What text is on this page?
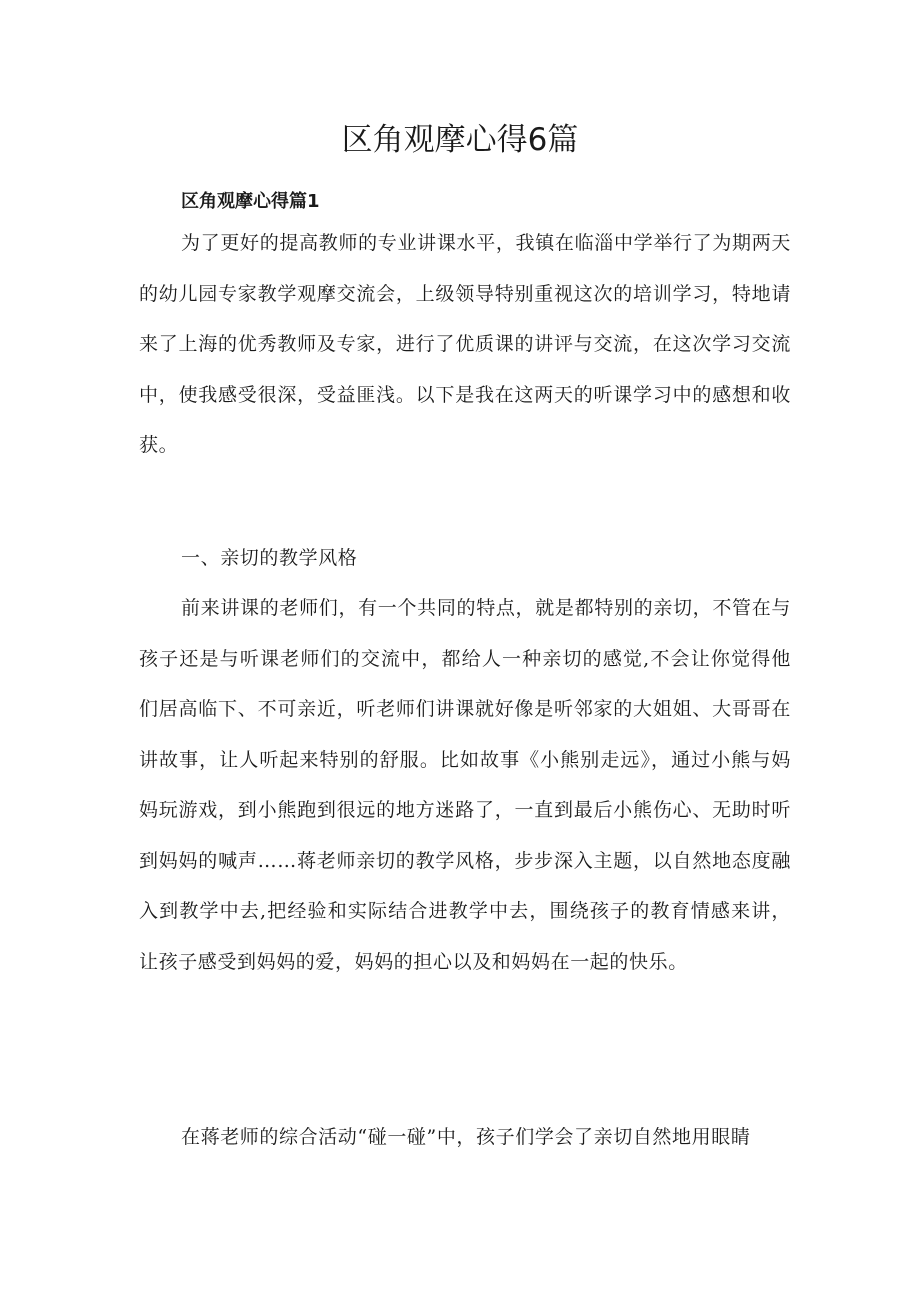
区角观摩心得6篇
区角观摩心得篇1

为了更好的提高教师的专业讲课水平，我镇在临淄中学举行了为期两天的幼儿园专家教学观摩交流会，上级领导特别重视这次的培训学习，特地请来了上海的优秀教师及专家，进行了优质课的讲评与交流，在这次学习交流中，使我感受很深，受益匪浅。以下是我在这两天的听课学习中的感想和收获。

一、亲切的教学风格

前来讲课的老师们，有一个共同的特点，就是都特别的亲切，不管在与孩子还是与听课老师们的交流中，都给人一种亲切的感觉,不会让你觉得他们居高临下、不可亲近，听老师们讲课就好像是听邻家的大姐姐、大哥哥在讲故事，让人听起来特别的舒服。比如故事《小熊别走远》，通过小熊与妈妈玩游戏，到小熊跑到很远的地方迷路了，一直到最后小熊伤心、无助时听到妈妈的喊声……蒋老师亲切的教学风格，步步深入主题，以自然地态度融入到教学中去,把经验和实际结合进教学中去，围绕孩子的教育情感来讲，让孩子感受到妈妈的爱，妈妈的担心以及和妈妈在一起的快乐。

在蒋老师的综合活动“碰一碰”中，孩子们学会了亲切自然地用眼睛
